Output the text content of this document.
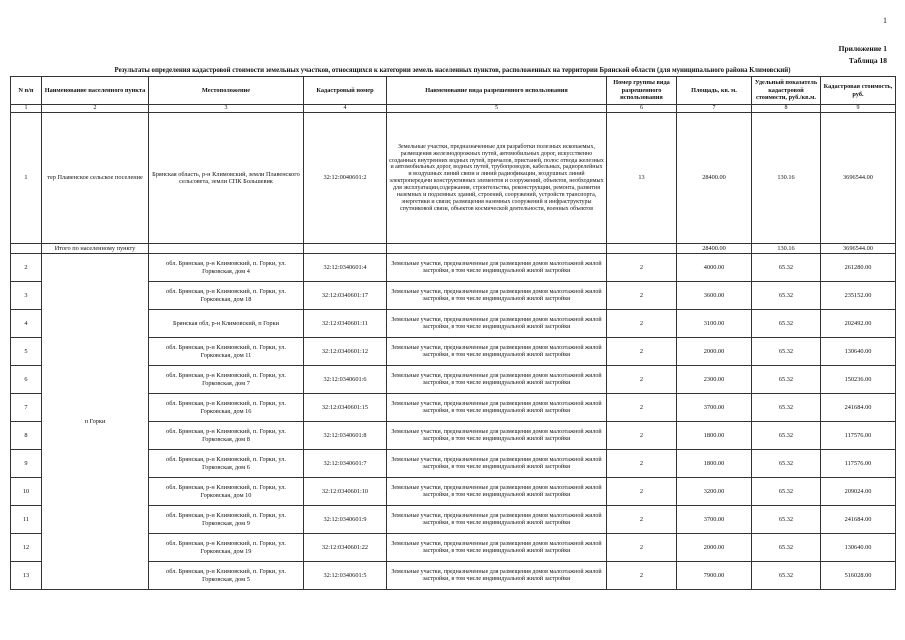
1
Приложение 1
Таблица 18
Результаты определения кадастровой стоимости земельных участков, относящихся к категории земель населенных пунктов, расположенных на территории Брянской области (для муниципального района Климовский)
N п/п	Наименование населенного пункта	Местоположение	Кадастровый номер	Наименование вида разрешенного использования	Номер группы вида разрешенного использования	Площадь, кв. м.	Удельный показатель кадастровой стоимости, руб./кв.м.	Кадастровая стоимость, руб.
1	2	3	4	5	6	7	8	9
1	тер Плавенское сельское поселение	Брянская область, р-н Климовский, земли Плавенского сельсовета, земли СПК Большевик	32:12:0040601:2	Земельные участки, предназначенные для разработки полезных ископаемых, размещения железнодорожных путей, автомобильных дорог, искусственно созданных внутренних водных путей, причалов, пристаней, полос отвода железных и автомобильных дорог, водных путей, трубопроводов, кабельных, радиорелейных и воздушных линий связи и линий радиофикации, воздушных линий электропередачи конструктивных элементов и сооружений, объектов, необходимых для эксплуатации,содержания, строительства, реконструкции, ремонта, развития наземных и подземных зданий, строений, сооружений, устройств транспорта, энергетики и связи; размещения наземных сооружений и инфраструктуры спутниковой связи, объектов космической деятельности, военных объектов	13	28400.00	130.16	3696544.00
	Итого по населенному пункту					28400.00	130.16	3696544.00
2	п Горки	обл. Брянская, р-н Климовский, п. Горки, ул. Горковская, дом 4	32:12:0340601:4	Земельные участки, предназначенные для размещения домов малоэтажной жилой застройки, в том числе индивидуальной жилой застройки	2	4000.00	65.32	261280.00
3		обл. Брянская, р-н Климовский, п. Горки, ул. Горковская, дом 18	32:12:0340601:17	Земельные участки, предназначенные для размещения домов малоэтажной жилой застройки, в том числе индивидуальной жилой застройки	2	3600.00	65.32	235152.00
4		Брянская обл, р-н Климовский, п Горки	32:12:0340601:11	Земельные участки, предназначенные для размещения домов малоэтажной жилой застройки, в том числе индивидуальной жилой застройки	2	3100.00	65.32	202492.00
5		обл. Брянская, р-н Климовский, п. Горки, ул. Горковская, дом 11	32:12:0340601:12	Земельные участки, предназначенные для размещения домов малоэтажной жилой застройки, в том числе индивидуальной жилой застройки	2	2000.00	65.32	130640.00
6		обл. Брянская, р-н Климовский, п. Горки, ул. Горковская, дом 7	32:12:0340601:6	Земельные участки, предназначенные для размещения домов малоэтажной жилой застройки, в том числе индивидуальной жилой застройки	2	2300.00	65.32	150236.00
7		обл. Брянская, р-н Климовский, п. Горки, ул. Горковская, дом 16	32:12:0340601:15	Земельные участки, предназначенные для размещения домов малоэтажной жилой застройки, в том числе индивидуальной жилой застройки	2	3700.00	65.32	241684.00
8		обл. Брянская, р-н Климовский, п. Горки, ул. Горковская, дом 8	32:12:0340601:8	Земельные участки, предназначенные для размещения домов малоэтажной жилой застройки, в том числе индивидуальной жилой застройки	2	1800.00	65.32	117576.00
9		обл. Брянская, р-н Климовский, п. Горки, ул. Горковская, дом 6	32:12:0340601:7	Земельные участки, предназначенные для размещения домов малоэтажной жилой застройки, в том числе индивидуальной жилой застройки	2	1800.00	65.32	117576.00
10		обл. Брянская, р-н Климовский, п. Горки, ул. Горковская, дом 10	32:12:0340601:10	Земельные участки, предназначенные для размещения домов малоэтажной жилой застройки, в том числе индивидуальной жилой застройки	2	3200.00	65.32	209024.00
11		обл. Брянская, р-н Климовский, п. Горки, ул. Горковская, дом 9	32:12:0340601:9	Земельные участки, предназначенные для размещения домов малоэтажной жилой застройки, в том числе индивидуальной жилой застройки	2	3700.00	65.32	241684.00
12		обл. Брянская, р-н Климовский, п. Горки, ул. Горковская, дом 19	32:12:0340601:22	Земельные участки, предназначенные для размещения домов малоэтажной жилой застройки, в том числе индивидуальной жилой застройки	2	2000.00	65.32	130640.00
13		обл. Брянская, р-н Климовский, п. Горки, ул. Горковская, дом 5	32:12:0340601:5	Земельные участки, предназначенные для размещения домов малоэтажной жилой застройки, в том числе индивидуальной жилой застройки	2	7900.00	65.32	516028.00
